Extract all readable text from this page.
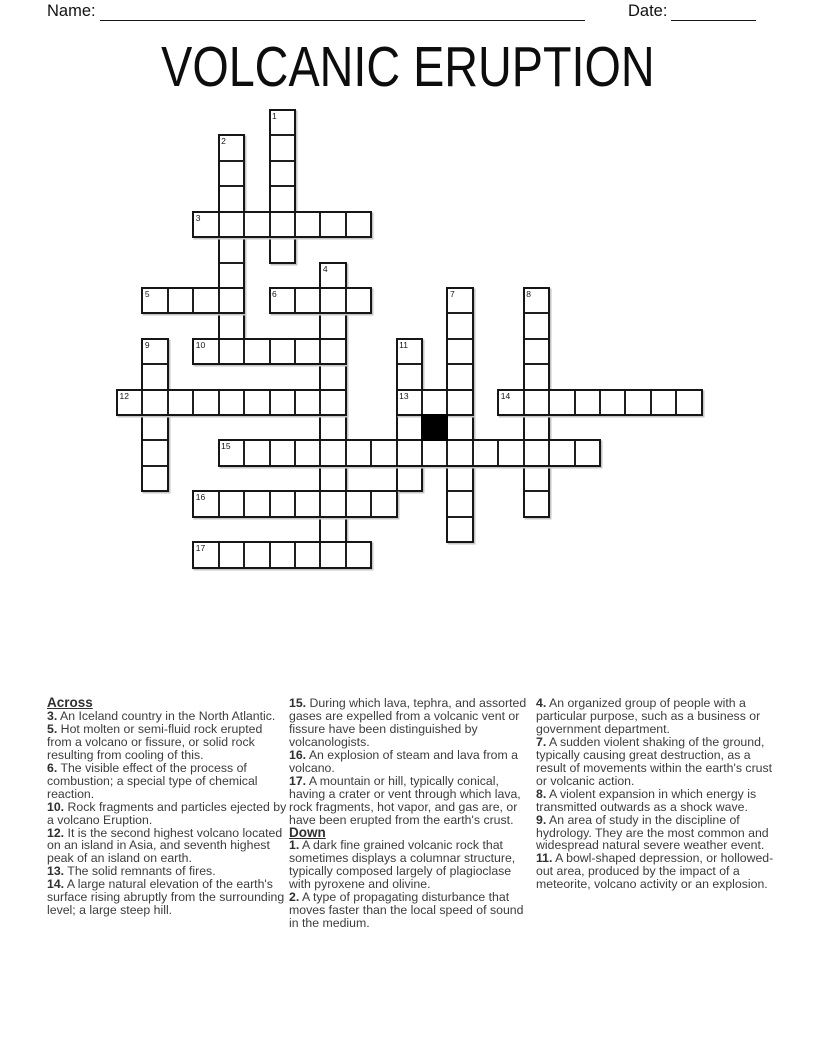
Name:	Date:
VOLCANIC ERUPTION
1
2
4
7	8
9	11
3
5	6
10
12	13	14
15
16
17

Across

3. An Iceland country in the North Atlantic.

5. Hot molten or semi-fluid rock erupted from a volcano or fissure, or solid rock resulting from cooling of this.

6. The visible effect of the process of combustion; a special type of chemical reaction.

10. Rock fragments and particles ejected by a volcano Eruption.

12. It is the second highest volcano located on an island in Asia, and seventh highest peak of an island on earth.

13. The solid remnants of fires.

14. A large natural elevation of the earth's surface rising abruptly from the surrounding level; a large steep hill.

15. During which lava, tephra, and assorted gases are expelled from a volcanic vent or fissure have been distinguished by volcanologists.

16. An explosion of steam and lava from a volcano.

17. A mountain or hill, typically conical, having a crater or vent through which lava, rock fragments, hot vapor, and gas are, or have been erupted from the earth's crust.

Down

1. A dark fine grained volcanic rock that sometimes displays a columnar structure, typically composed largely of plagioclase with pyroxene and olivine.

2. A type of propagating disturbance that moves faster than the local speed of sound in the medium.

4. An organized group of people with a particular purpose, such as a business or government department.

7. A sudden violent shaking of the ground, typically causing great destruction, as a result of movements within the earth's crust or volcanic action.

8. A violent expansion in which energy is transmitted outwards as a shock wave.

9. An area of study in the discipline of hydrology. They are the most common and widespread natural severe weather event.

11. A bowl-shaped depression, or hollowed-out area, produced by the impact of a meteorite, volcano activity or an explosion.
